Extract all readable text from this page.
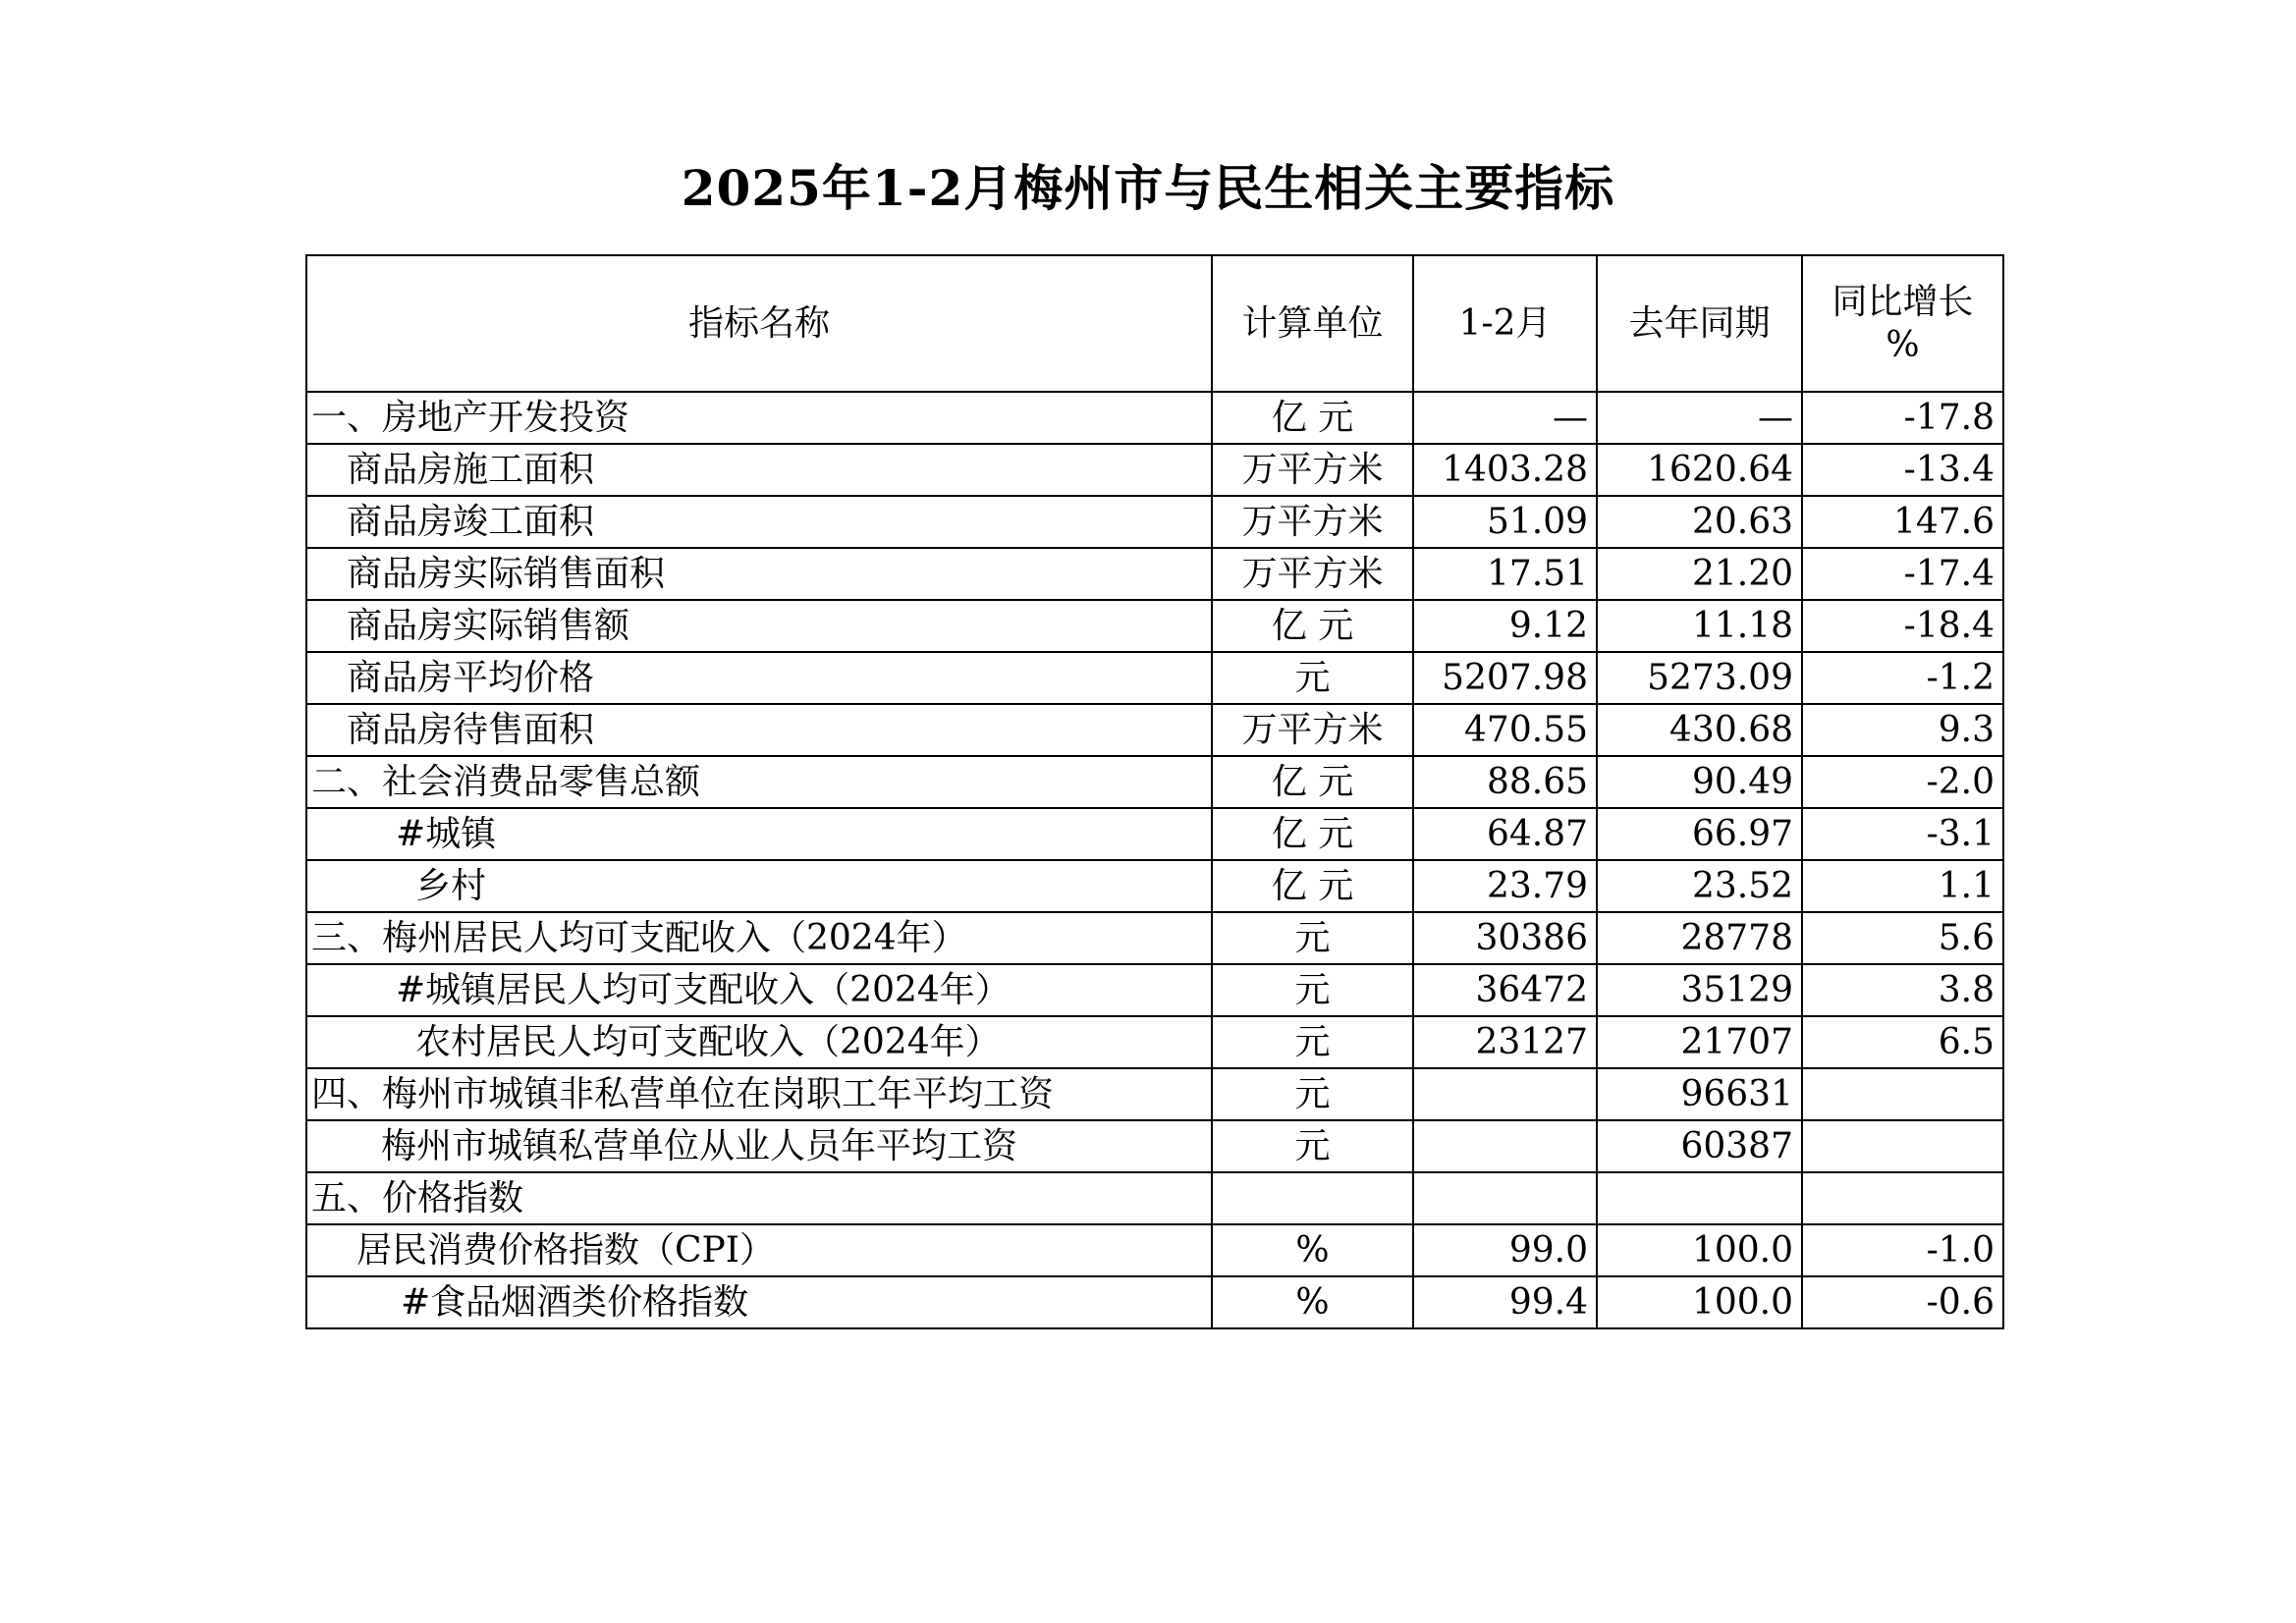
2025年1-2月梅州市与民生相关主要指标
指标名称	计算单位	1-2月	去年同期	同比增长
%

一、房地产开发投资	亿 元	—	—	-17.8
商品房施工面积	万平方米	1403.28	1620.64	-13.4
商品房竣工面积	万平方米	51.09	20.63	147.6
商品房实际销售面积	万平方米	17.51	21.20	-17.4
商品房实际销售额	亿 元	9.12	11.18	-18.4
商品房平均价格	元	5207.98	5273.09	-1.2
商品房待售面积	万平方米	470.55	430.68	9.3
二、社会消费品零售总额	亿 元	88.65	90.49	-2.0
#城镇	亿 元	64.87	66.97	-3.1
乡村	亿 元	23.79	23.52	1.1
三、梅州居民人均可支配收入（2024年）	元	30386	28778	5.6
#城镇居民人均可支配收入（2024年）	元	36472	35129	3.8
农村居民人均可支配收入（2024年）	元	23127	21707	6.5
四、梅州市城镇非私营单位在岗职工年平均工资	元		96631	
梅州市城镇私营单位从业人员年平均工资	元		60387	
五、价格指数				
居民消费价格指数（CPI）	%	99.0	100.0	-1.0
#食品烟酒类价格指数	%	99.4	100.0	-0.6
